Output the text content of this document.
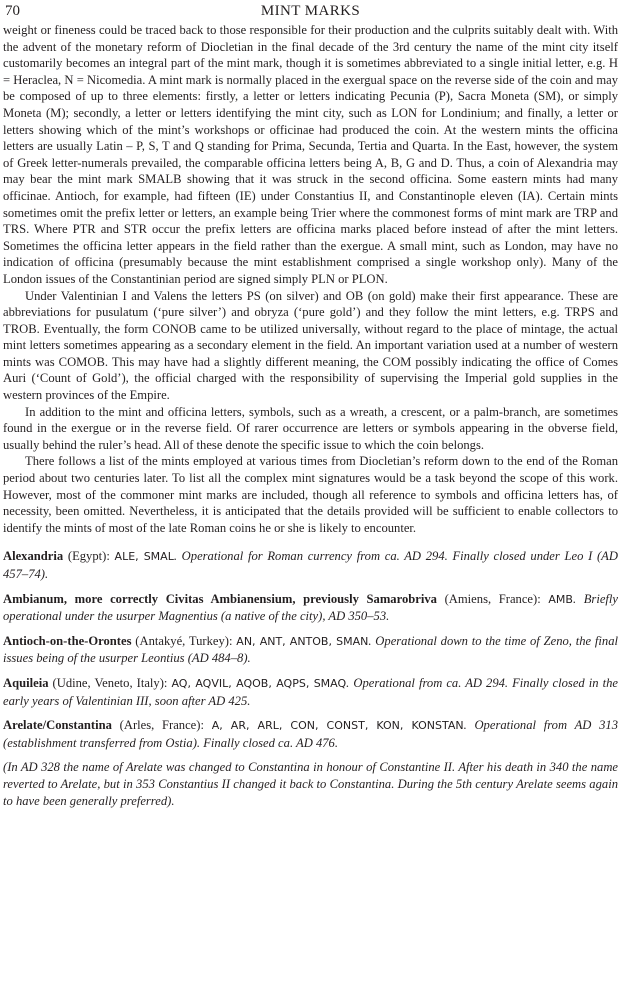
70	MINT MARKS

weight or fineness could be traced back to those responsible for their production and the culprits suitably dealt with. With the advent of the monetary reform of Diocletian in the final decade of the 3rd century the name of the mint city itself customarily becomes an integral part of the mint mark, though it is sometimes abbreviated to a single initial letter, e.g. H = Heraclea, N = Nicomedia. A mint mark is normally placed in the exergual space on the reverse side of the coin and may be composed of up to three elements: firstly, a letter or letters indicating Pecunia (P), Sacra Moneta (SM), or simply Moneta (M); secondly, a letter or letters identifying the mint city, such as LON for Londinium; and finally, a letter or letters showing which of the mint’s workshops or officinae had produced the coin. At the western mints the officina letters are usually Latin – P, S, T and Q standing for Prima, Secunda, Tertia and Quarta. In the East, however, the system of Greek letter-numerals prevailed, the comparable officina letters being A, B, G and D. Thus, a coin of Alexandria may may bear the mint mark SMALB showing that it was struck in the second officina. Some eastern mints had many officinae. Antioch, for example, had fifteen (IE) under Constantius II, and Constantinople eleven (IA). Certain mints sometimes omit the prefix letter or letters, an example being Trier where the commonest forms of mint mark are TRP and TRS. Where PTR and STR occur the prefix letters are officina marks placed before instead of after the mint letters. Sometimes the officina letter appears in the field rather than the exergue. A small mint, such as London, may have no indication of officina (presumably because the mint establishment comprised a single workshop only). Many of the London issues of the Constantinian period are signed simply PLN or PLON.

Under Valentinian I and Valens the letters PS (on silver) and OB (on gold) make their first appearance. These are abbreviations for pusulatum (‘pure silver’) and obryza (‘pure gold’) and they follow the mint letters, e.g. TRPS and TROB. Eventually, the form CONOB came to be utilized universally, without regard to the place of mintage, the actual mint letters sometimes appearing as a secondary element in the field. An important variation used at a number of western mints was COMOB. This may have had a slightly different meaning, the COM possibly indicating the office of Comes Auri (‘Count of Gold’), the official charged with the responsibility of supervising the Imperial gold supplies in the western provinces of the Empire.

In addition to the mint and officina letters, symbols, such as a wreath, a crescent, or a palm-branch, are sometimes found in the exergue or in the reverse field. Of rarer occurrence are letters or symbols appearing in the obverse field, usually behind the ruler’s head. All of these denote the specific issue to which the coin belongs.

There follows a list of the mints employed at various times from Diocletian’s reform down to the end of the Roman period about two centuries later. To list all the complex mint signatures would be a task beyond the scope of this work. However, most of the commoner mint marks are included, though all reference to symbols and officina letters has, of necessity, been omitted. Nevertheless, it is anticipated that the details provided will be sufficient to enable collectors to identify the mints of most of the late Roman coins he or she is likely to encounter.

Alexandria (Egypt): ALE, SMAL. Operational for Roman currency from ca. AD 294. Finally closed under Leo I (AD 457–74).
Ambianum, more correctly Civitas Ambianensium, previously Samarobriva (Amiens, France): AMB. Briefly operational under the usurper Magnentius (a native of the city), AD 350–53.
Antioch-on-the-Orontes (Antakyé, Turkey): AN, ANT, ANTOB, SMAN. Operational down to the time of Zeno, the final issues being of the usurper Leontius (AD 484–8).
Aquileia (Udine, Veneto, Italy): AQ, AQVIL, AQOB, AQPS, SMAQ. Operational from ca. AD 294. Finally closed in the early years of Valentinian III, soon after AD 425.
Arelate/Constantina (Arles, France): A, AR, ARL, CON, CONST, KON, KONSTAN. Operational from AD 313 (establishment transferred from Ostia). Finally closed ca. AD 476.
(In AD 328 the name of Arelate was changed to Constantina in honour of Constantine II. After his death in 340 the name reverted to Arelate, but in 353 Constantius II changed it back to Constantina. During the 5th century Arelate seems again to have been generally preferred).
